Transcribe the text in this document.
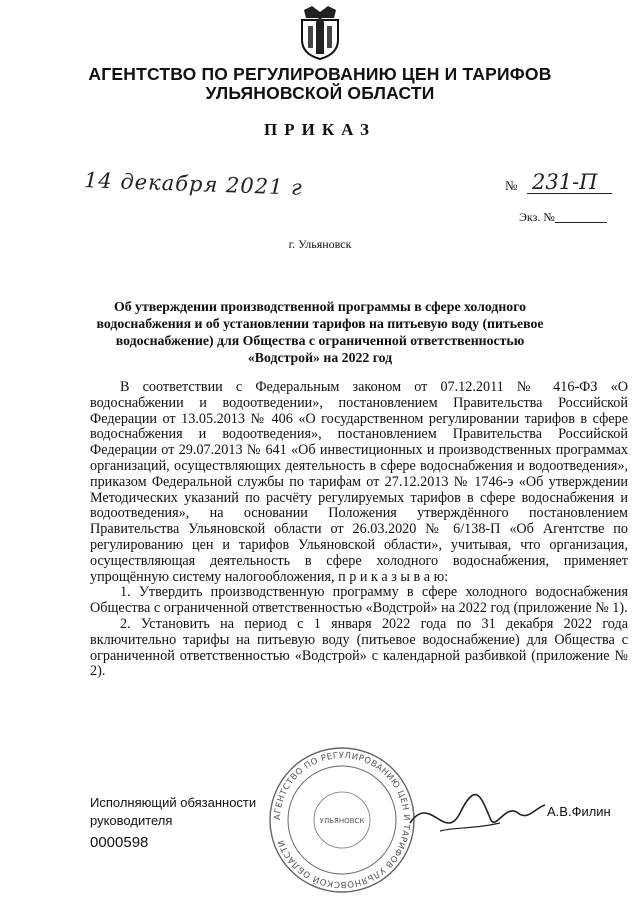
АГЕНТСТВО ПО РЕГУЛИРОВАНИЮ ЦЕН И ТАРИФОВ
УЛЬЯНОВСКОЙ ОБЛАСТИ
ПРИКАЗ
14 декабря 2021 г	№ 231-П
Экз. №
г. Ульяновск
Об утверждении производственной программы в сфере холодного
водоснабжения и об установлении тарифов на питьевую воду (питьевое
водоснабжение) для Общества с ограниченной ответственностью
«Водстрой» на 2022 год

В соответствии с Федеральным законом от 07.12.2011 № 416-ФЗ «О водоснабжении и водоотведении», постановлением Правительства Российской Федерации от 13.05.2013 № 406 «О государственном регулировании тарифов в сфере водоснабжения и водоотведения», постановлением Правительства Российской Федерации от 29.07.2013 № 641 «Об инвестиционных и производственных программах организаций, осуществляющих деятельность в сфере водоснабжения и водоотведения», приказом Федеральной службы по тарифам от 27.12.2013 № 1746-э «Об утверждении Методических указаний по расчёту регулируемых тарифов в сфере водоснабжения и водоотведения», на основании Положения утверждённого постановлением Правительства Ульяновской области от 26.03.2020 № 6/138-П «Об Агентстве по регулированию цен и тарифов Ульяновской области», учитывая, что организация, осуществляющая деятельность в сфере холодного водоснабжения, применяет упрощённую систему налогообложения, п р и к а з ы в а ю:

1. Утвердить производственную программу в сфере холодного водоснабжения Общества с ограниченной ответственностью «Водстрой» на 2022 год (приложение № 1).

2. Установить на период с 1 января 2022 года по 31 декабря 2022 года включительно тарифы на питьевую воду (питьевое водоснабжение) для Общества с ограниченной ответственностью «Водстрой» с календарной разбивкой (приложение № 2).

АГЕНТСТВО ПО РЕГУЛИРОВАНИЮ ЦЕН И ТАРИФОВ УЛЬЯНОВСКОЙ ОБЛАСТИ
УЛЬЯНОВСК
Исполняющий обязанности
руководителя
А.В.Филин
0000598
